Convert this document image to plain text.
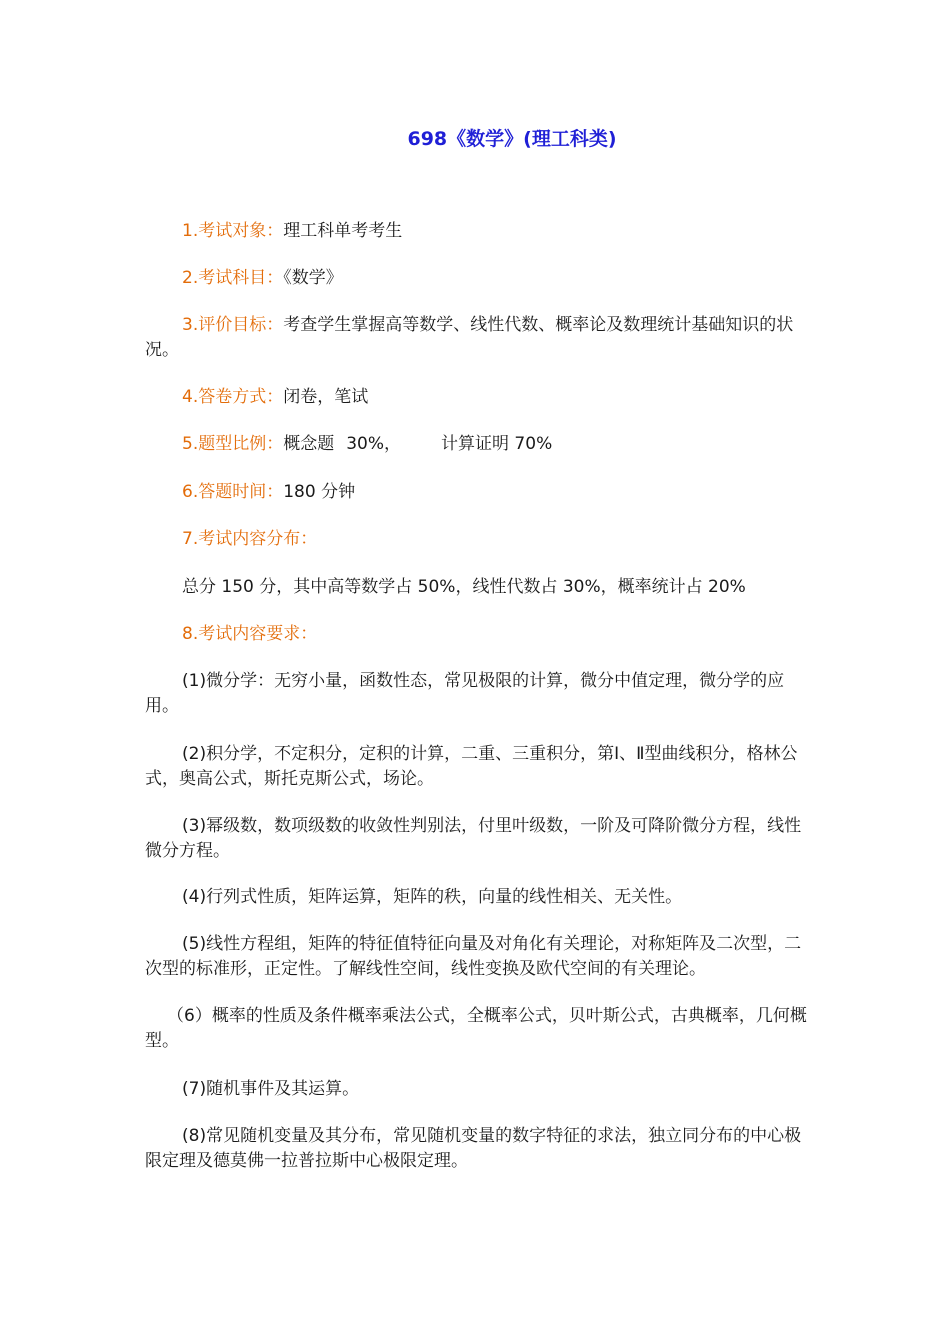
698《数学》(理工科类)
1.考试对象：理工科单考考生
2.考试科目：《数学》
3.评价目标：考查学生掌握高等数学、线性代数、概率论及数理统计基础知识的状况。
4.答卷方式：闭卷，笔试
5.题型比例：概念题 30%， 计算证明 70%
6.答题时间：180 分钟
7.考试内容分布：
总分 150 分，其中高等数学占 50%，线性代数占 30%，概率统计占 20%
8.考试内容要求：
(1)微分学：无穷小量，函数性态，常见极限的计算，微分中值定理，微分学的应用。
(2)积分学，不定积分，定积的计算，二重、三重积分，第Ⅰ、Ⅱ型曲线积分，格林公式，奥高公式，斯托克斯公式，场论。
(3)幂级数，数项级数的收敛性判别法，付里叶级数，一阶及可降阶微分方程，线性微分方程。
(4)行列式性质，矩阵运算，矩阵的秩，向量的线性相关、无关性。
(5)线性方程组，矩阵的特征值特征向量及对角化有关理论，对称矩阵及二次型，二次型的标准形，正定性。了解线性空间，线性变换及欧代空间的有关理论。
（6）概率的性质及条件概率乘法公式，全概率公式，贝叶斯公式，古典概率，几何概型。
(7)随机事件及其运算。
(8)常见随机变量及其分布，常见随机变量的数字特征的求法，独立同分布的中心极限定理及德莫佛一拉普拉斯中心极限定理。
